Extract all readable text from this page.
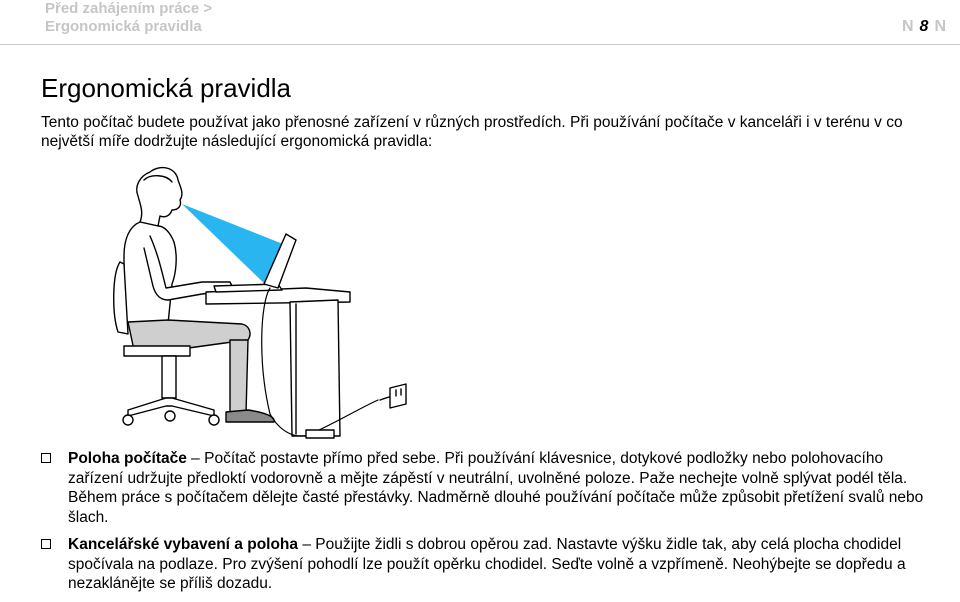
Před zahájením práce >
Ergonomická pravidla	N 8 N
Ergonomická pravidla

Tento počítač budete používat jako přenosné zařízení v různých prostředích. Při používání počítače v kanceláři i v terénu v co největší míře dodržujte následující ergonomická pravidla:

Poloha počítače – Počítač postavte přímo před sebe. Při používání klávesnice, dotykové podložky nebo polohovacího zařízení udržujte předloktí vodorovně a mějte zápěstí v neutrální, uvolněné poloze. Paže nechejte volně splývat podél těla. Během práce s počítačem dělejte časté přestávky. Nadměrně dlouhé používání počítače může způsobit přetížení svalů nebo šlach.
Kancelářské vybavení a poloha – Použijte židli s dobrou opěrou zad. Nastavte výšku židle tak, aby celá plocha chodidel spočívala na podlaze. Pro zvýšení pohodlí lze použít opěrku chodidel. Seďte volně a vzpřímeně. Neohýbejte se dopředu a nezaklánějte se příliš dozadu.
